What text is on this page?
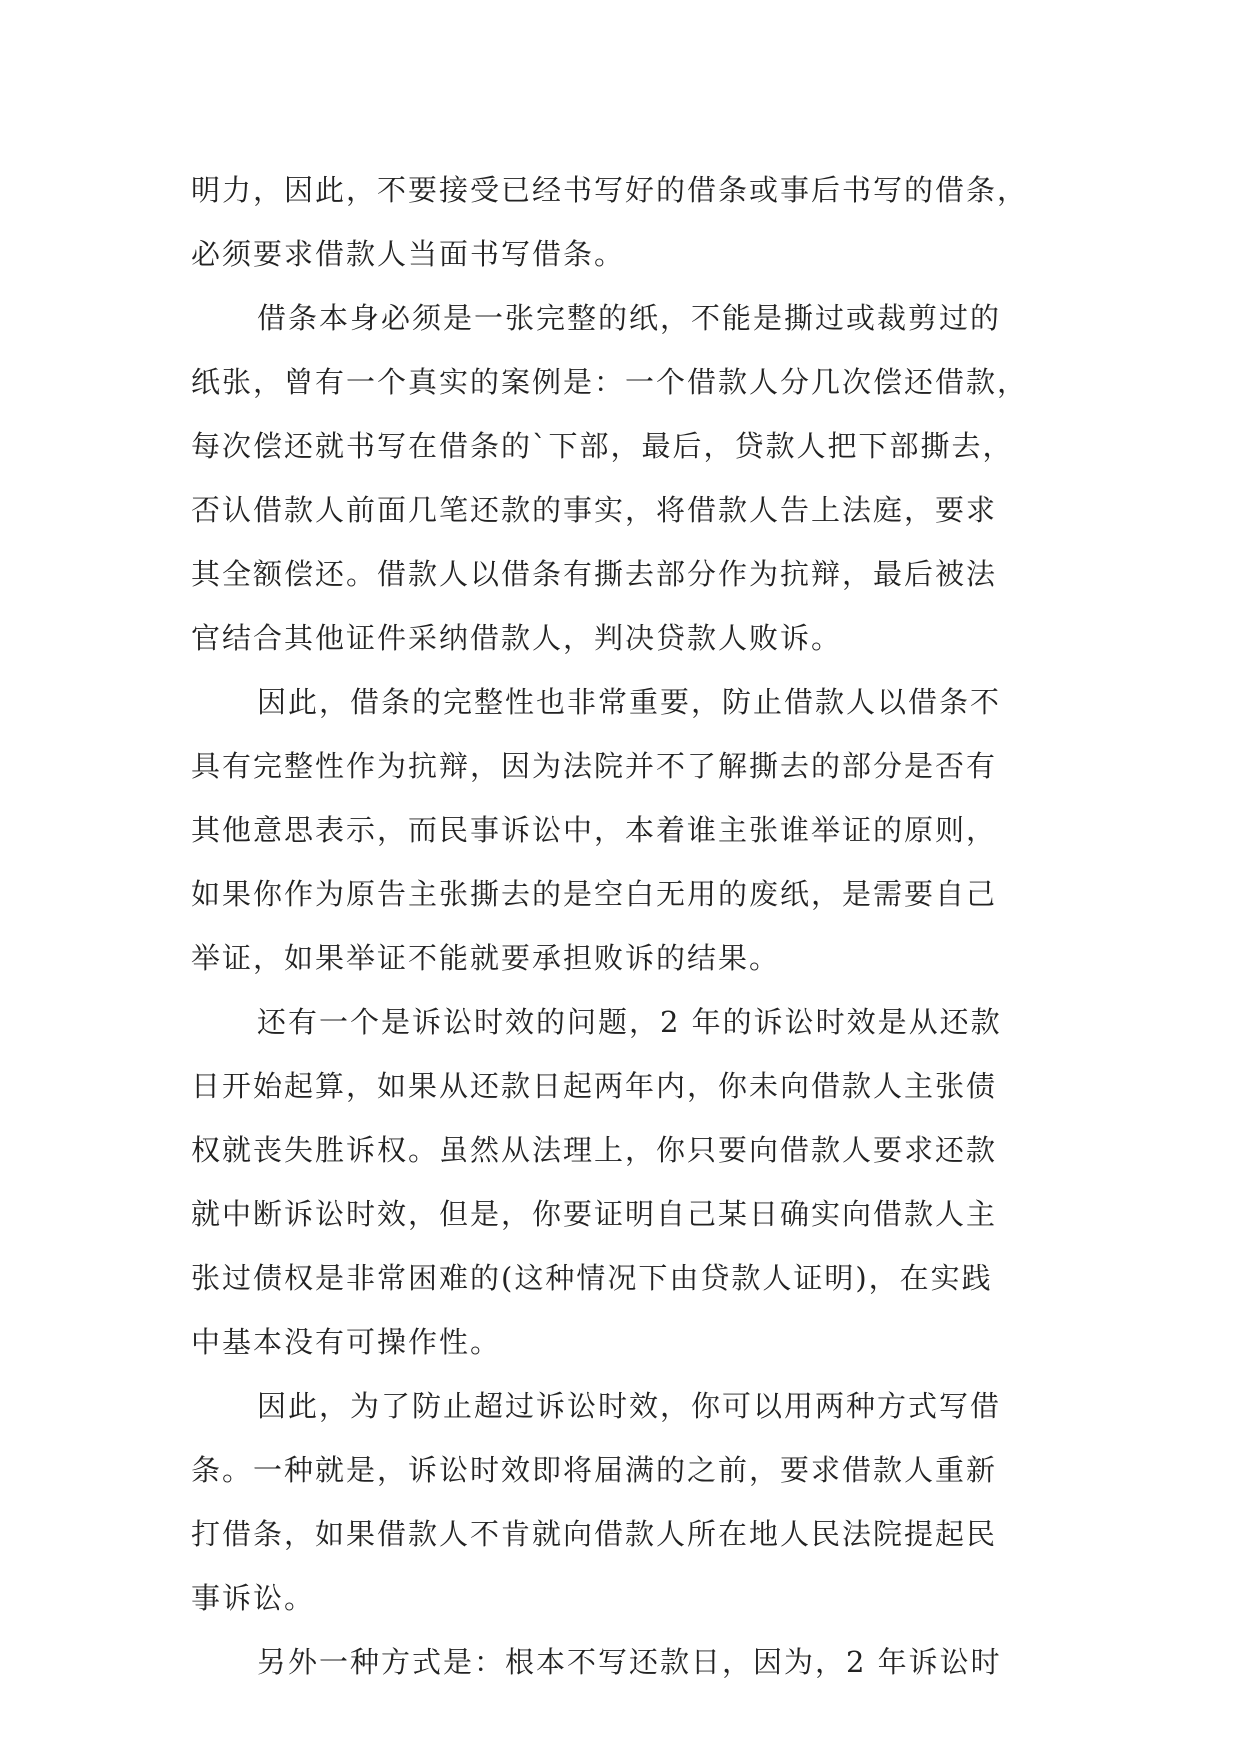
明力，因此，不要接受已经书写好的借条或事后书写的借条，
必须要求借款人当面书写借条。
借条本身必须是一张完整的纸，不能是撕过或裁剪过的
纸张，曾有一个真实的案例是：一个借款人分几次偿还借款，
每次偿还就书写在借条的`下部，最后，贷款人把下部撕去，
否认借款人前面几笔还款的事实，将借款人告上法庭，要求
其全额偿还。借款人以借条有撕去部分作为抗辩，最后被法
官结合其他证件采纳借款人，判决贷款人败诉。
因此，借条的完整性也非常重要，防止借款人以借条不
具有完整性作为抗辩，因为法院并不了解撕去的部分是否有
其他意思表示，而民事诉讼中，本着谁主张谁举证的原则，
如果你作为原告主张撕去的是空白无用的废纸，是需要自己
举证，如果举证不能就要承担败诉的结果。
还有一个是诉讼时效的问题，2 年的诉讼时效是从还款
日开始起算，如果从还款日起两年内，你未向借款人主张债
权就丧失胜诉权。虽然从法理上，你只要向借款人要求还款
就中断诉讼时效，但是，你要证明自己某日确实向借款人主
张过债权是非常困难的(这种情况下由贷款人证明)，在实践
中基本没有可操作性。
因此，为了防止超过诉讼时效，你可以用两种方式写借
条。一种就是，诉讼时效即将届满的之前，要求借款人重新
打借条，如果借款人不肯就向借款人所在地人民法院提起民
事诉讼。
另外一种方式是：根本不写还款日，因为，2 年诉讼时
